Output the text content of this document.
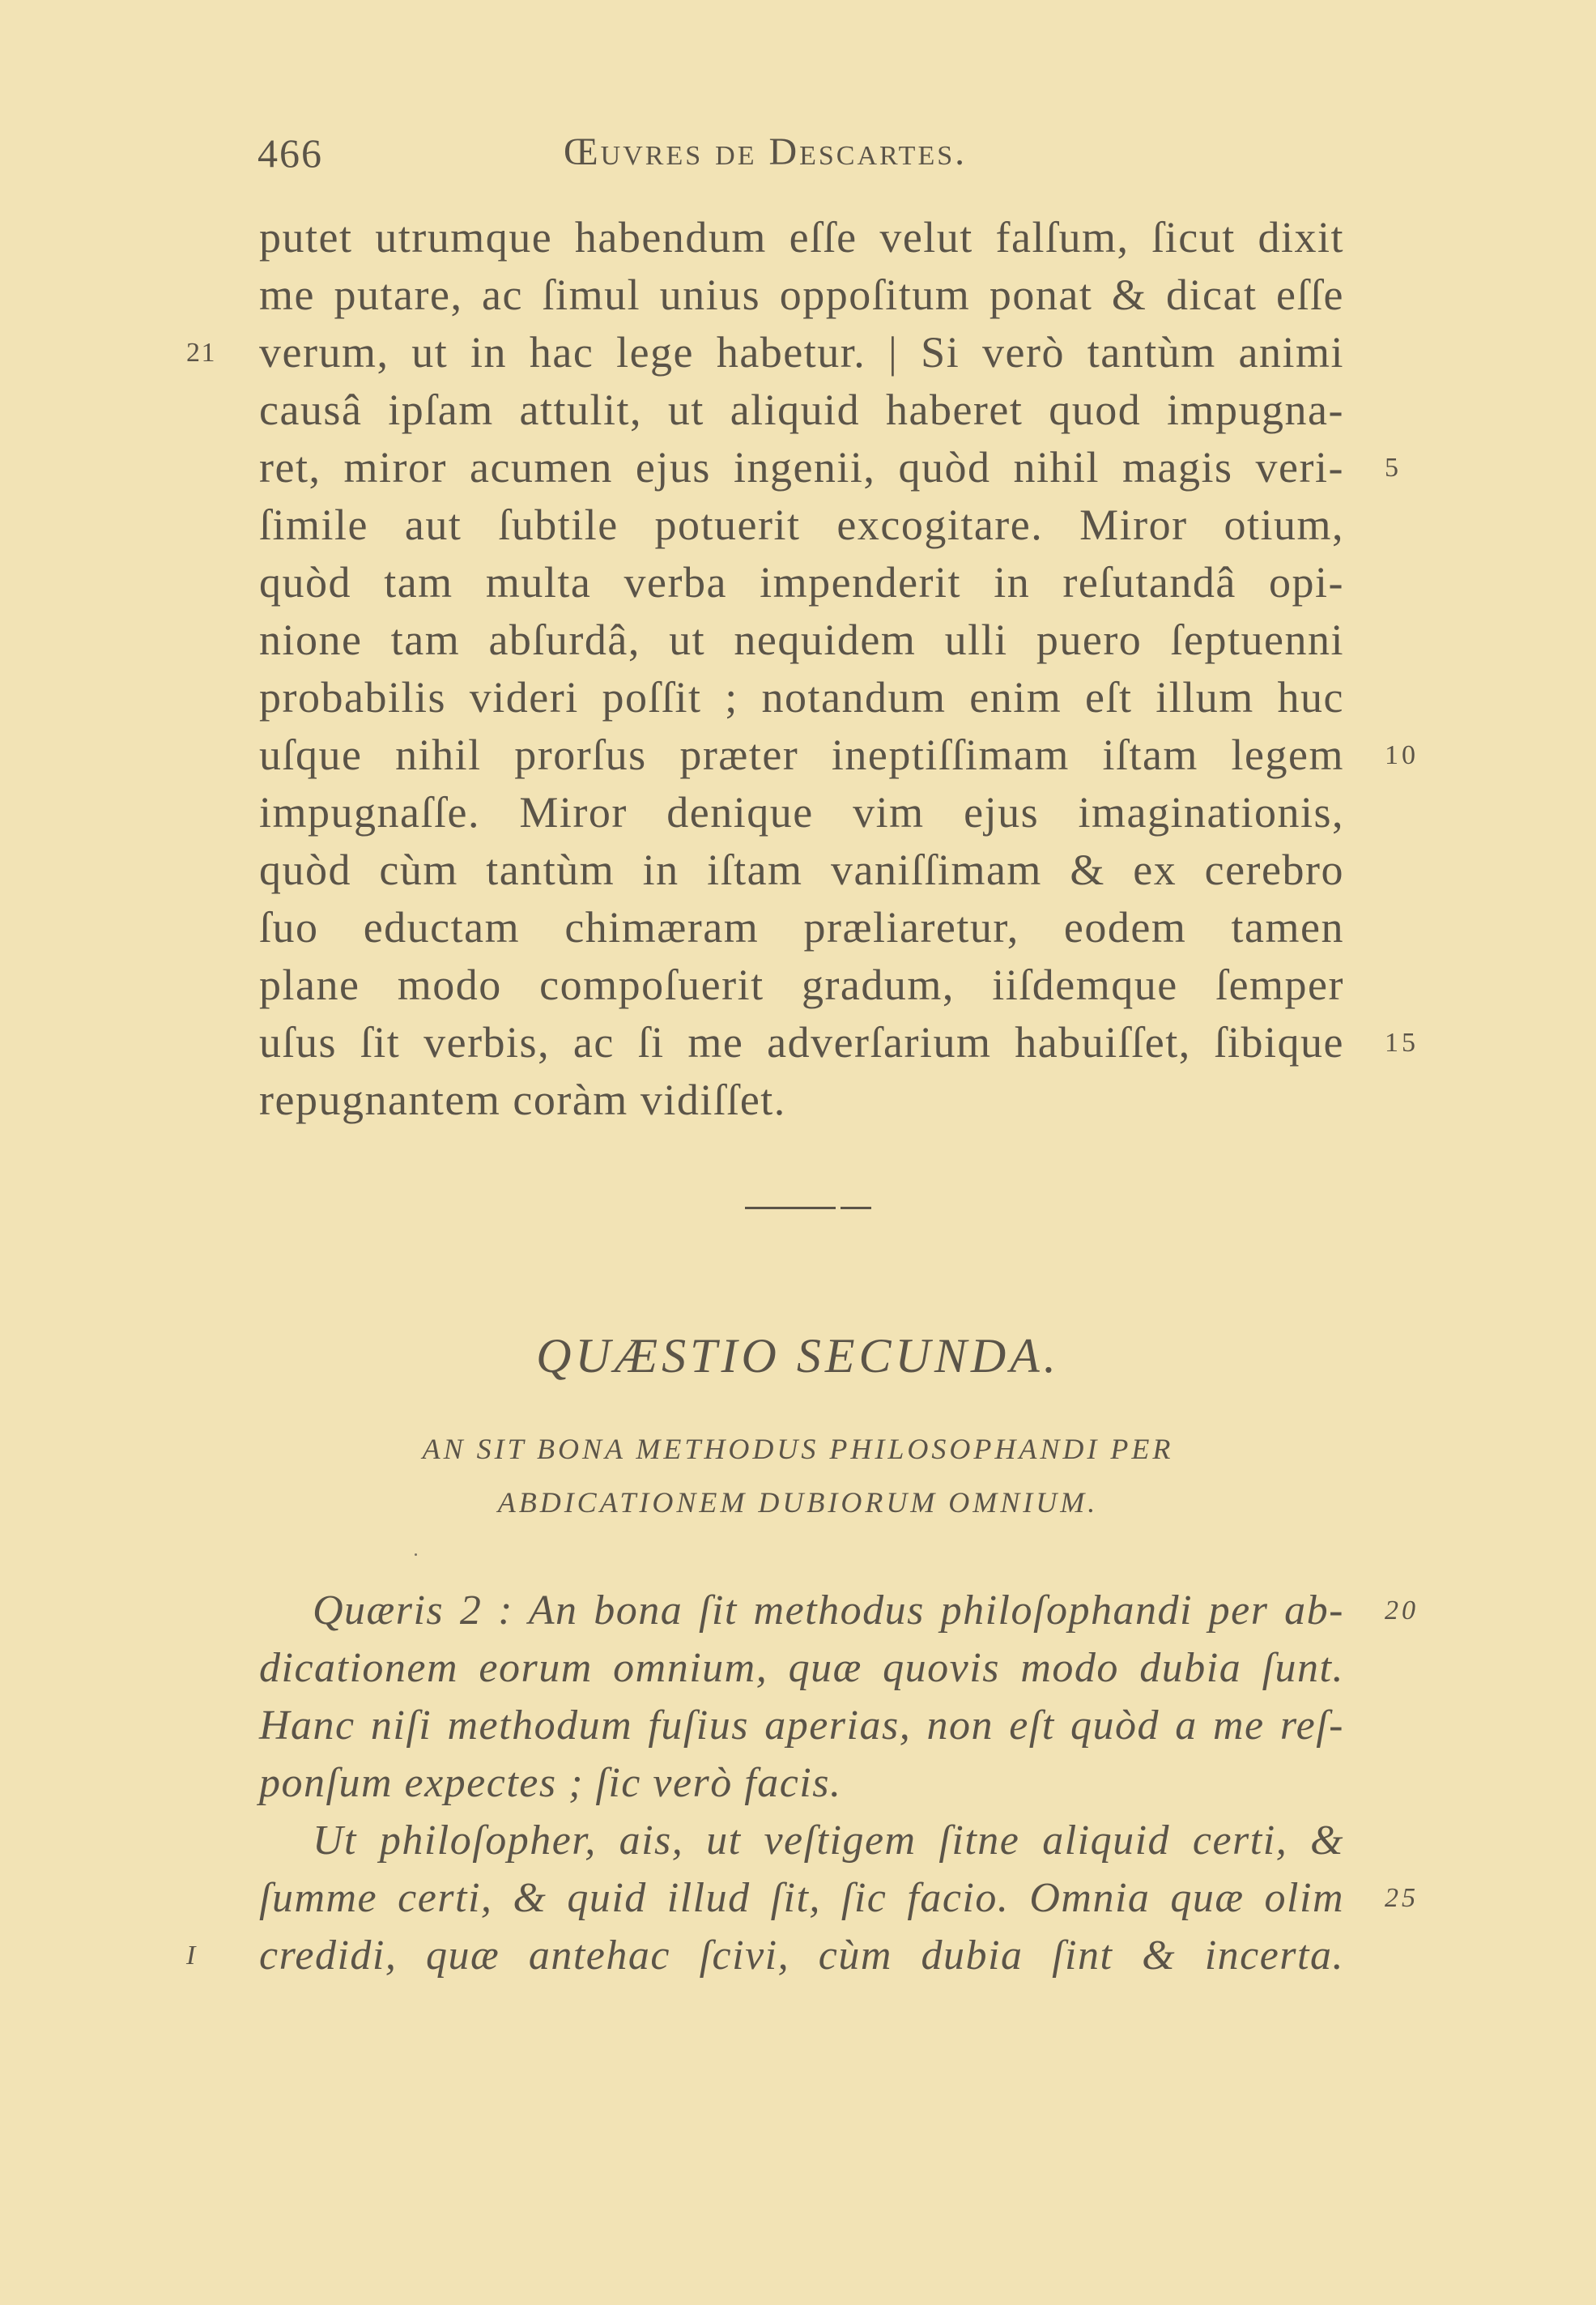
466	Œuvres de Descartes.
putet utrumque habendum eſſe velut falſum, ſicut dixit
me putare, ac ſimul unius oppoſitum ponat & dicat eſſe
21 verum, ut in hac lege habetur. | Si verò tantùm animi
causâ ipſam attulit, ut aliquid haberet quod impugna-
ret, miror acumen ejus ingenii, quòd nihil magis veri- 5
ſimile aut ſubtile potuerit excogitare. Miror otium,
quòd tam multa verba impenderit in reſutandâ opi-
nione tam abſurdâ, ut nequidem ulli puero ſeptuenni
probabilis videri poſſit ; notandum enim eſt illum huc
uſque nihil prorſus præter ineptiſſimam iſtam legem 10
impugnaſſe. Miror denique vim ejus imaginationis,
quòd cùm tantùm in iſtam vaniſſimam & ex cerebro
ſuo eductam chimæram præliaretur, eodem tamen
plane modo compoſuerit gradum, iiſdemque ſemper
uſus ſit verbis, ac ſi me adverſarium habuiſſet, ſibique 15
repugnantem coràm vidiſſet.
QUÆSTIO SECUNDA.
AN SIT BONA METHODUS PHILOSOPHANDI PER
ABDICATIONEM DUBIORUM OMNIUM.
Quæris 2 : An bona ſit methodus philoſophandi per ab- 20
dicationem eorum omnium, quæ quovis modo dubia ſunt.
Hanc niſi methodum fuſius aperias, non eſt quòd a me reſ-
ponſum expectes ; ſic verò facis.
Ut philoſopher, ais, ut veſtigem ſitne aliquid certi, &
ſumme certi, & quid illud ſit, ſic facio. Omnia quæ olim 25
I	credidi, quæ antehac ſcivi, cùm dubia ſint & incerta.
